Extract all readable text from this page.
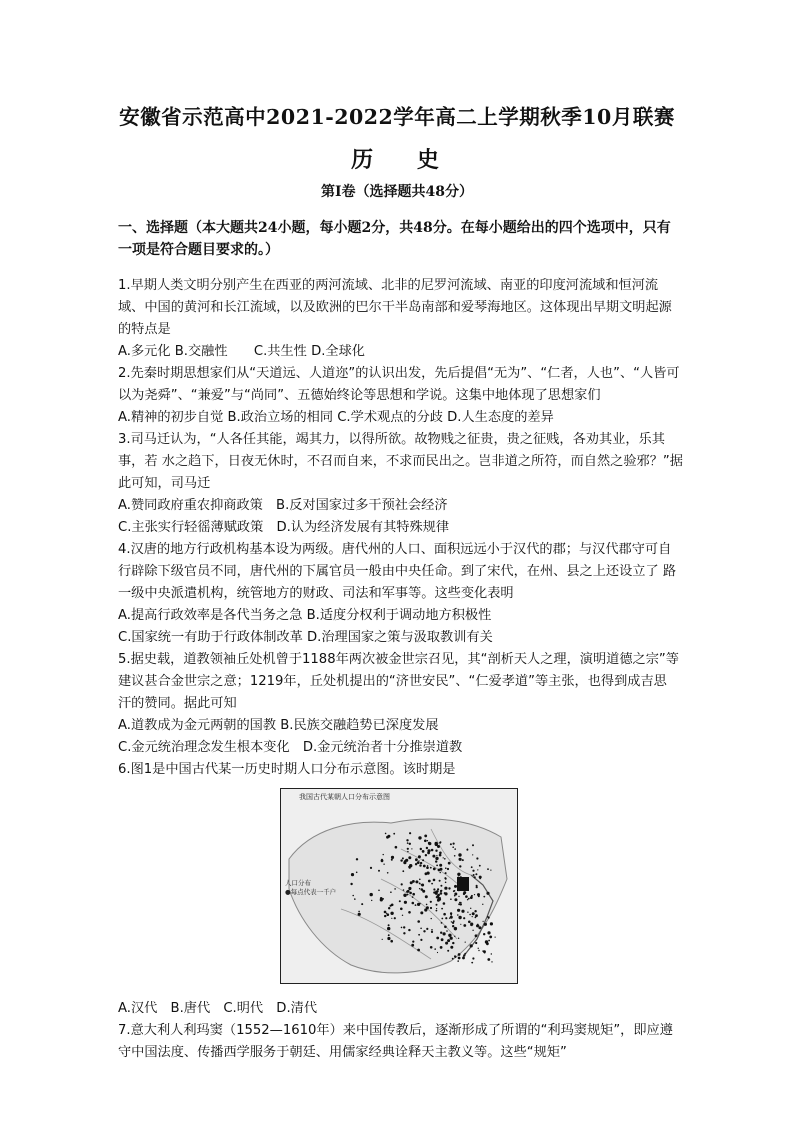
安徽省示范高中2021-2022学年高二上学期秋季10月联赛
历 史
第I卷（选择题共48分）

一、选择题（本大题共24小题，每小题2分，共48分。在每小题给出的四个选项中，只有一项是符合题目要求的。）

1.早期人类文明分别产生在西亚的两河流域、北非的尼罗河流域、南亚的印度河流域和恒河流域、中国的黄河和长江流域，以及欧洲的巴尔干半岛南部和爱琴海地区。这体现出早期文明起源的特点是

A.多元化 B.交融性　　C.共生性 D.全球化

2.先秦时期思想家们从“天道远、人道迩”的认识出发，先后提倡“无为”、“仁者，人也”、“人皆可以为尧舜”、“兼爱”与“尚同”、五德始终论等思想和学说。这集中地体现了思想家们

A.精神的初步自觉 B.政治立场的相同 C.学术观点的分歧 D.人生态度的差异

3.司马迁认为，“人各任其能，竭其力，以得所欲。故物贱之征贵，贵之征贱，各劝其业，乐其事，若 水之趋下，日夜无休时，不召而自来，不求而民出之。岂非道之所符，而自然之验邪？”据此可知，司马迁

A.赞同政府重农抑商政策　B.反对国家过多干预社会经济

C.主张实行轻徭薄赋政策　D.认为经济发展有其特殊规律

4.汉唐的地方行政机构基本设为两级。唐代州的人口、面积远远小于汉代的郡；与汉代郡守可自行辟除下级官员不同，唐代州的下属官员一般由中央任命。到了宋代，在州、县之上还设立了 路一级中央派遣机构，统管地方的财政、司法和军事等。这些变化表明

A.提高行政效率是各代当务之急 B.适度分权利于调动地方积极性

C.国家统一有助于行政体制改革 D.治理国家之策与汲取教训有关

5.据史载，道教领袖丘处机曾于1188年两次被金世宗召见，其“剖析天人之理，演明道德之宗”等 建议甚合金世宗之意；1219年，丘处机提出的“济世安民”、“仁爱孝道”等主张，也得到成吉思 汗的赞同。据此可知

A.道教成为金元两朝的国教 B.民族交融趋势已深度发展

C.金元统治理念发生根本变化　D.金元统治者十分推崇道教

6.图1是中国古代某一历史时期人口分布示意图。该时期是

我国古代某朝人口分布示意图
人口分布
●每点代表一千户

A.汉代　B.唐代　C.明代　D.清代

7.意大利人利玛窦（1552—1610年）来中国传教后，逐渐形成了所谓的“利玛窦规矩”，即应遵守中国法度、传播西学服务于朝廷、用儒家经典诠释天主教义等。这些“规矩”
